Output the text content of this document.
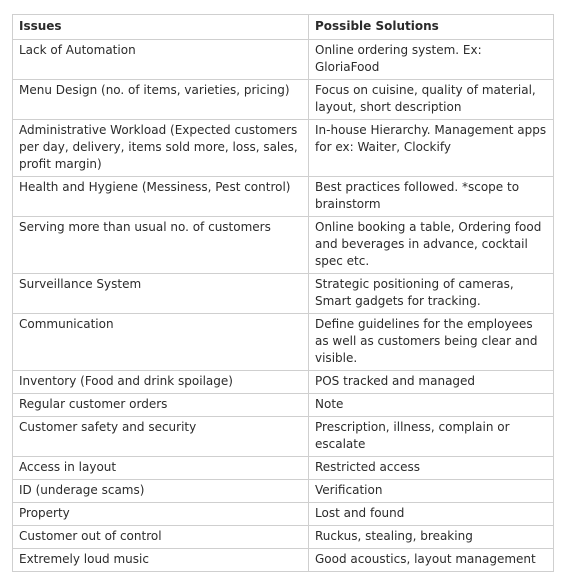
Issues	Possible Solutions
Lack of Automation	Online ordering system. Ex: GloriaFood
Menu Design (no. of items, varieties, pricing)	Focus on cuisine, quality of material, layout, short description
Administrative Workload (Expected customers per day, delivery, items sold more, loss, sales, profit margin)	In-house Hierarchy. Management apps for ex: Waiter, Clockify
Health and Hygiene (Messiness, Pest control)	Best practices followed. *scope to brainstorm
Serving more than usual no. of customers	Online booking a table, Ordering food and beverages in advance, cocktail spec etc.
Surveillance System	Strategic positioning of cameras, Smart gadgets for tracking.
Communication	Define guidelines for the employees as well as customers being clear and visible.
Inventory (Food and drink spoilage)	POS tracked and managed
Regular customer orders	Note
Customer safety and security	Prescription, illness, complain or escalate
Access in layout	Restricted access
ID (underage scams)	Verification
Property	Lost and found
Customer out of control	Ruckus, stealing, breaking
Extremely loud music	Good acoustics, layout management
